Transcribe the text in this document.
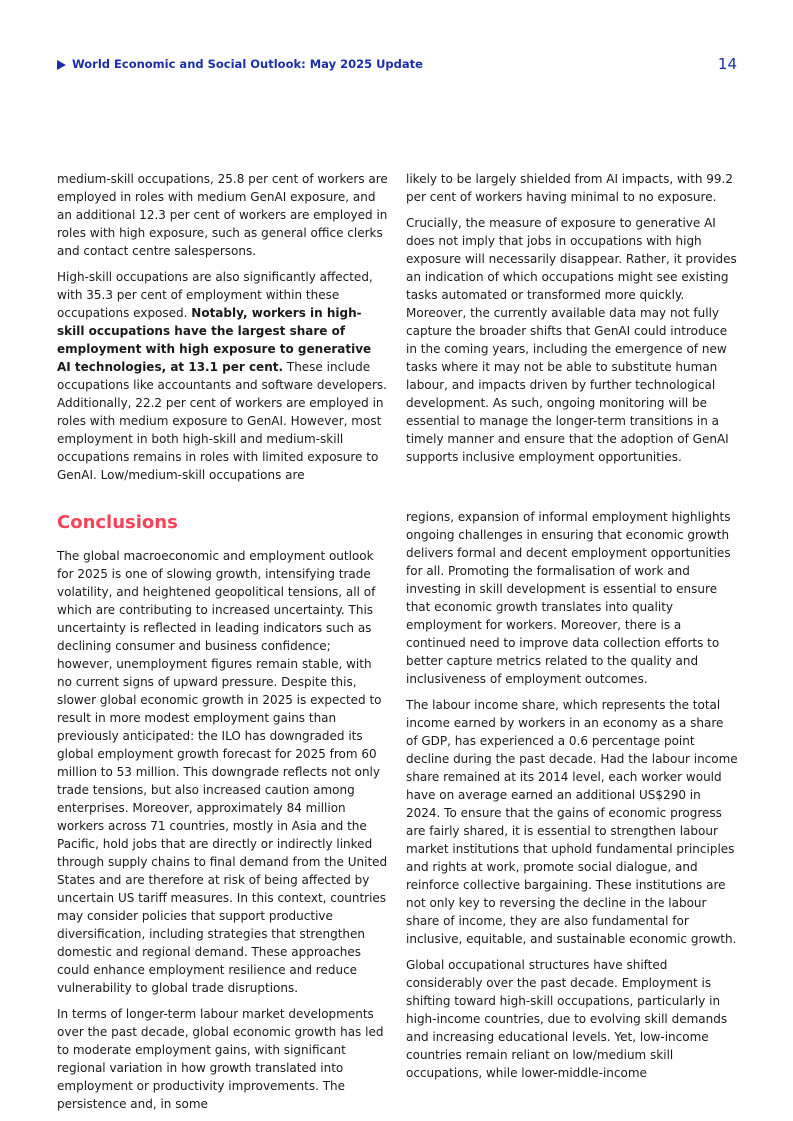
World Economic and Social Outlook: May 2025 Update	14

medium-skill occupations, 25.8 per cent of workers are employed in roles with medium GenAI exposure, and an additional 12.3 per cent of workers are employed in roles with high exposure, such as general office clerks and contact centre salespersons.

High-skill occupations are also significantly affected, with 35.3 per cent of employment within these occupations exposed. Notably, workers in high-skill occupations have the largest share of employment with high exposure to generative AI technologies, at 13.1 per cent. These include occupations like accountants and software developers. Additionally, 22.2 per cent of workers are employed in roles with medium exposure to GenAI. However, most employment in both high-skill and medium-skill occupations remains in roles with limited exposure to GenAI. Low/medium-skill occupations are

likely to be largely shielded from AI impacts, with 99.2 per cent of workers having minimal to no exposure.

Crucially, the measure of exposure to generative AI does not imply that jobs in occupations with high exposure will necessarily disappear. Rather, it provides an indication of which occupations might see existing tasks automated or transformed more quickly. Moreover, the currently available data may not fully capture the broader shifts that GenAI could introduce in the coming years, including the emergence of new tasks where it may not be able to substitute human labour, and impacts driven by further technological development. As such, ongoing monitoring will be essential to manage the longer-term transitions in a timely manner and ensure that the adoption of GenAI supports inclusive employment opportunities.

Conclusions

The global macroeconomic and employment outlook for 2025 is one of slowing growth, intensifying trade volatility, and heightened geopolitical tensions, all of which are contributing to increased uncertainty. This uncertainty is reflected in leading indicators such as declining consumer and business confidence; however, unemployment figures remain stable, with no current signs of upward pressure. Despite this, slower global economic growth in 2025 is expected to result in more modest employment gains than previously anticipated: the ILO has downgraded its global employment growth forecast for 2025 from 60 million to 53 million. This downgrade reflects not only trade tensions, but also increased caution among enterprises. Moreover, approximately 84 million workers across 71 countries, mostly in Asia and the Pacific, hold jobs that are directly or indirectly linked through supply chains to final demand from the United States and are therefore at risk of being affected by uncertain US tariff measures. In this context, countries may consider policies that support productive diversification, including strategies that strengthen domestic and regional demand. These approaches could enhance employment resilience and reduce vulnerability to global trade disruptions.

In terms of longer-term labour market developments over the past decade, global economic growth has led to moderate employment gains, with significant regional variation in how growth translated into employment or productivity improvements. The persistence and, in some

regions, expansion of informal employment highlights ongoing challenges in ensuring that economic growth delivers formal and decent employment opportunities for all. Promoting the formalisation of work and investing in skill development is essential to ensure that economic growth translates into quality employment for workers. Moreover, there is a continued need to improve data collection efforts to better capture metrics related to the quality and inclusiveness of employment outcomes.

The labour income share, which represents the total income earned by workers in an economy as a share of GDP, has experienced a 0.6 percentage point decline during the past decade. Had the labour income share remained at its 2014 level, each worker would have on average earned an additional US$290 in 2024. To ensure that the gains of economic progress are fairly shared, it is essential to strengthen labour market institutions that uphold fundamental principles and rights at work, promote social dialogue, and reinforce collective bargaining. These institutions are not only key to reversing the decline in the labour share of income, they are also fundamental for inclusive, equitable, and sustainable economic growth.

Global occupational structures have shifted considerably over the past decade. Employment is shifting toward high-skill occupations, particularly in high-income countries, due to evolving skill demands and increasing educational levels. Yet, low-income countries remain reliant on low/medium skill occupations, while lower-middle-income
